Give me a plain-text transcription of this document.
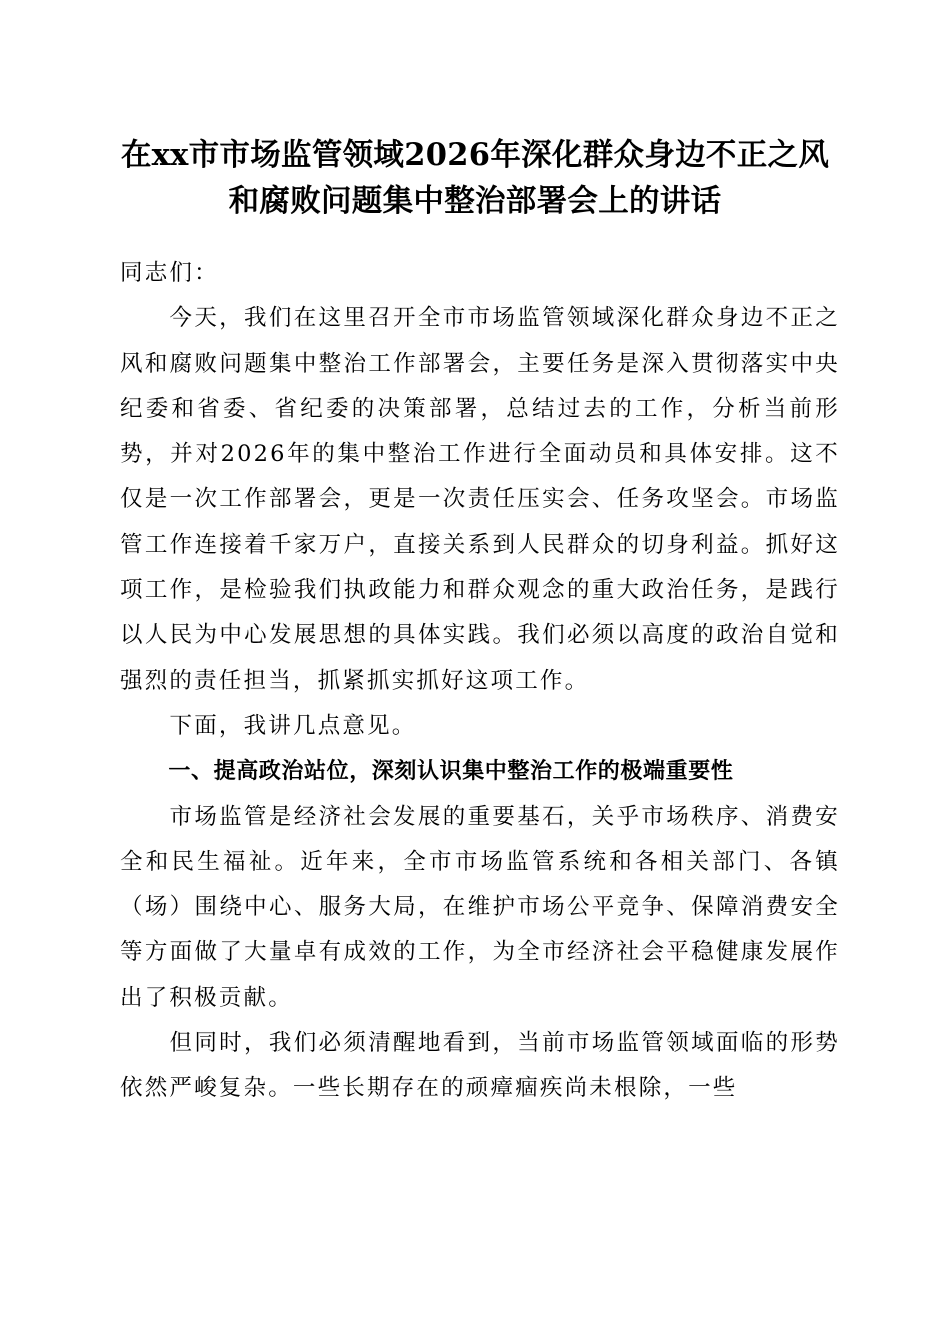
在xx市市场监管领域2026年深化群众身边不正之风和腐败问题集中整治部署会上的讲话

同志们：

今天，我们在这里召开全市市场监管领域深化群众身边不正之风和腐败问题集中整治工作部署会，主要任务是深入贯彻落实中央纪委和省委、省纪委的决策部署，总结过去的工作，分析当前形势，并对2026年的集中整治工作进行全面动员和具体安排。这不仅是一次工作部署会，更是一次责任压实会、任务攻坚会。市场监管工作连接着千家万户，直接关系到人民群众的切身利益。抓好这项工作，是检验我们执政能力和群众观念的重大政治任务，是践行以人民为中心发展思想的具体实践。我们必须以高度的政治自觉和强烈的责任担当，抓紧抓实抓好这项工作。

下面，我讲几点意见。

一、提高政治站位，深刻认识集中整治工作的极端重要性

市场监管是经济社会发展的重要基石，关乎市场秩序、消费安全和民生福祉。近年来，全市市场监管系统和各相关部门、各镇（场）围绕中心、服务大局，在维护市场公平竞争、保障消费安全等方面做了大量卓有成效的工作，为全市经济社会平稳健康发展作出了积极贡献。

但同时，我们必须清醒地看到，当前市场监管领域面临的形势依然严峻复杂。一些长期存在的顽瘴痼疾尚未根除，一些
